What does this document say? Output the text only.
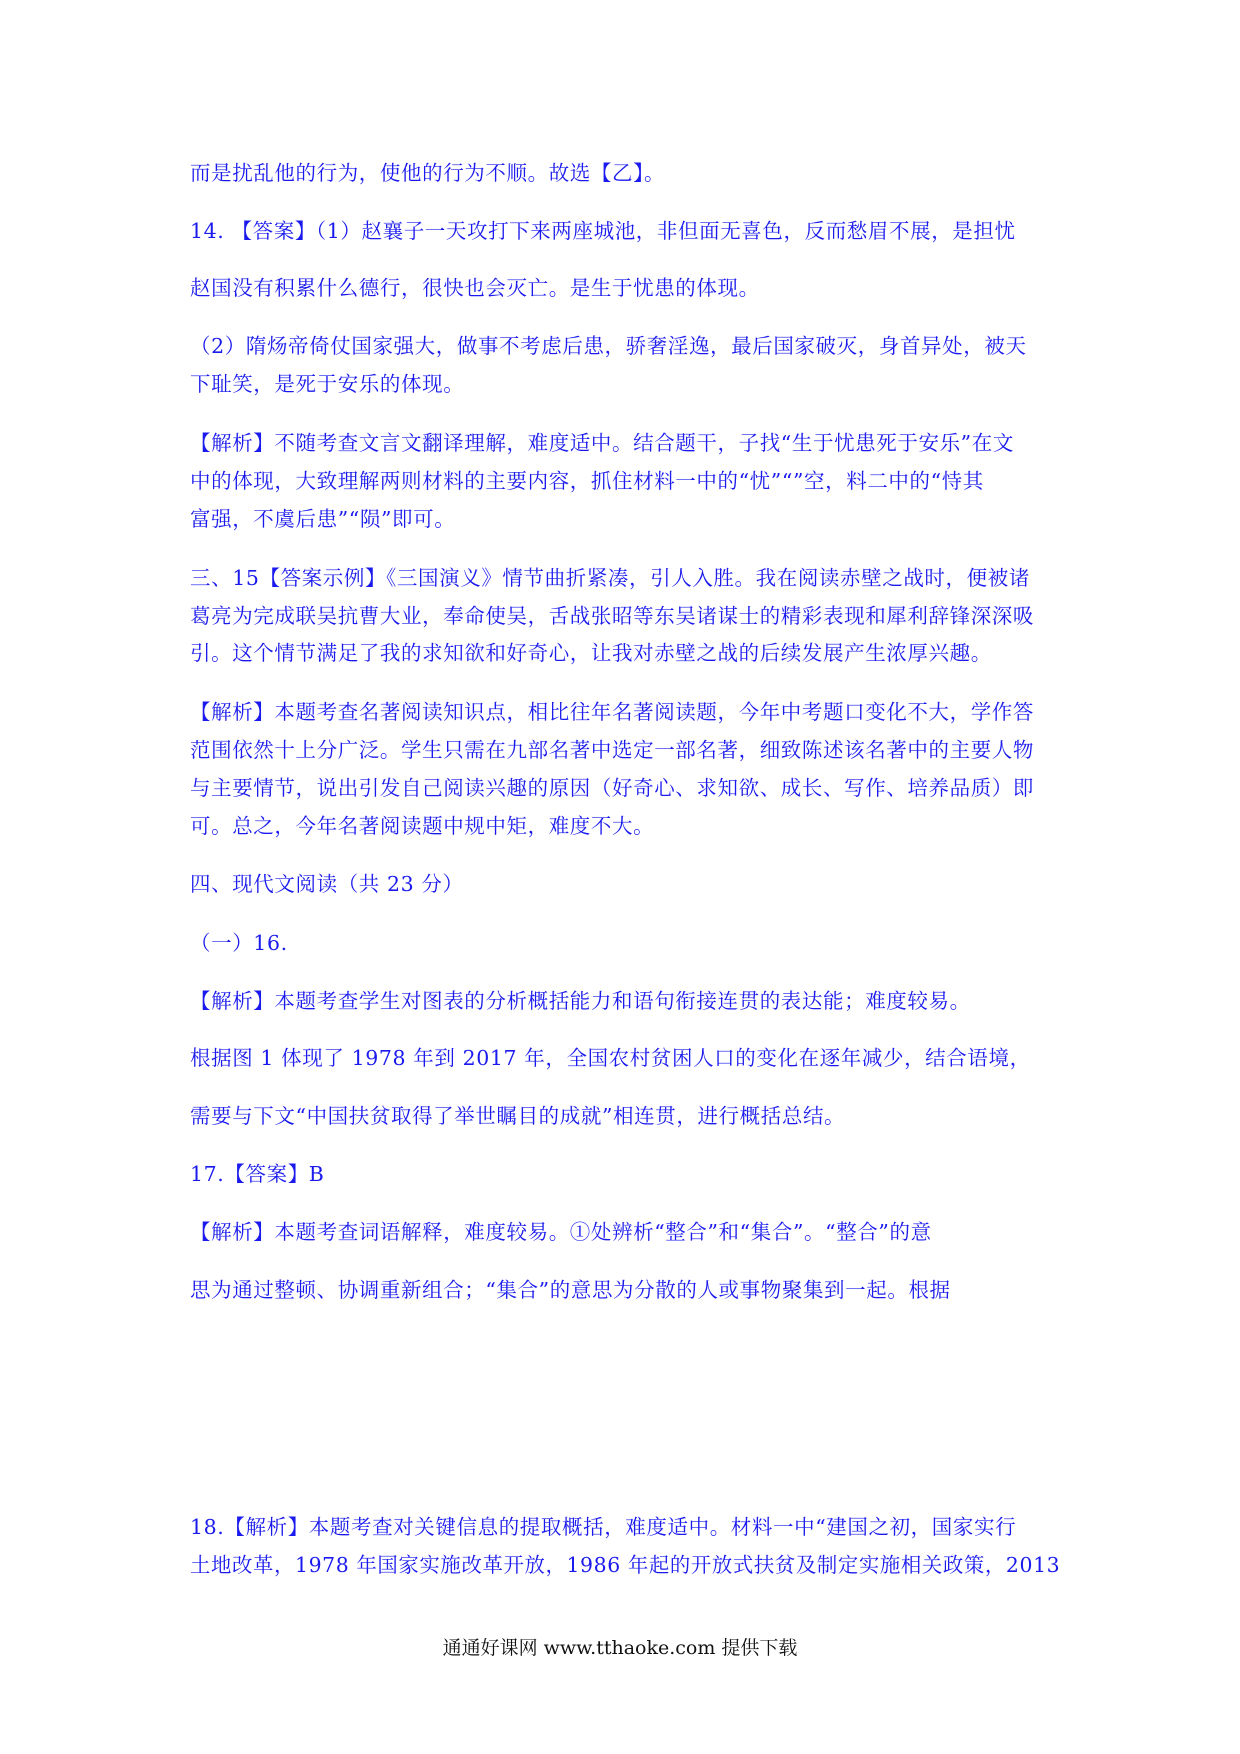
而是扰乱他的行为，使他的行为不顺。故选【乙】。

14. 【答案】（1）赵襄子一天攻打下来两座城池，非但面无喜色，反而愁眉不展，是担忧

赵国没有积累什么德行，很快也会灭亡。是生于忧患的体现。

（2）隋炀帝倚仗国家强大，做事不考虑后患，骄奢淫逸，最后国家破灭，身首异处，被天

下耻笑，是死于安乐的体现。

【解析】不随考查文言文翻译理解，难度适中。结合题干，子找“生于忧患死于安乐”在文

中的体现，大致理解两则材料的主要内容，抓住材料一中的“忧”“”空，料二中的“恃其

富强，不虞后患”“陨”即可。

三、15【答案示例】《三国演义》情节曲折紧凑，引人入胜。我在阅读赤壁之战时，便被诸

葛亮为完成联吴抗曹大业，奉命使吴，舌战张昭等东吴诸谋士的精彩表现和犀利辞锋深深吸

引。这个情节满足了我的求知欲和好奇心，让我对赤壁之战的后续发展产生浓厚兴趣。

【解析】本题考查名著阅读知识点，相比往年名著阅读题，今年中考题口变化不大，学作答

范围依然十上分广泛。学生只需在九部名著中选定一部名著，细致陈述该名著中的主要人物

与主要情节，说出引发自己阅读兴趣的原因（好奇心、求知欲、成长、写作、培养品质）即

可。总之，今年名著阅读题中规中矩，难度不大。

四、现代文阅读（共 23 分）

（一）16.

【解析】本题考查学生对图表的分析概括能力和语句衔接连贯的表达能；难度较易。

根据图 1 体现了 1978 年到 2017 年，全国农村贫困人口的变化在逐年减少，结合语境，

需要与下文“中国扶贫取得了举世瞩目的成就”相连贯，进行概括总结。

17.【答案】B

【解析】本题考查词语解释，难度较易。①处辨析“整合”和“集合”。“整合”的意

思为通过整顿、协调重新组合；“集合”的意思为分散的人或事物聚集到一起。根据

18.【解析】本题考查对关键信息的提取概括，难度适中。材料一中“建国之初，国家实行

土地改革，1978 年国家实施改革开放，1986 年起的开放式扶贫及制定实施相关政策，2013

通通好课网 www.tthaoke.com 提供下载
